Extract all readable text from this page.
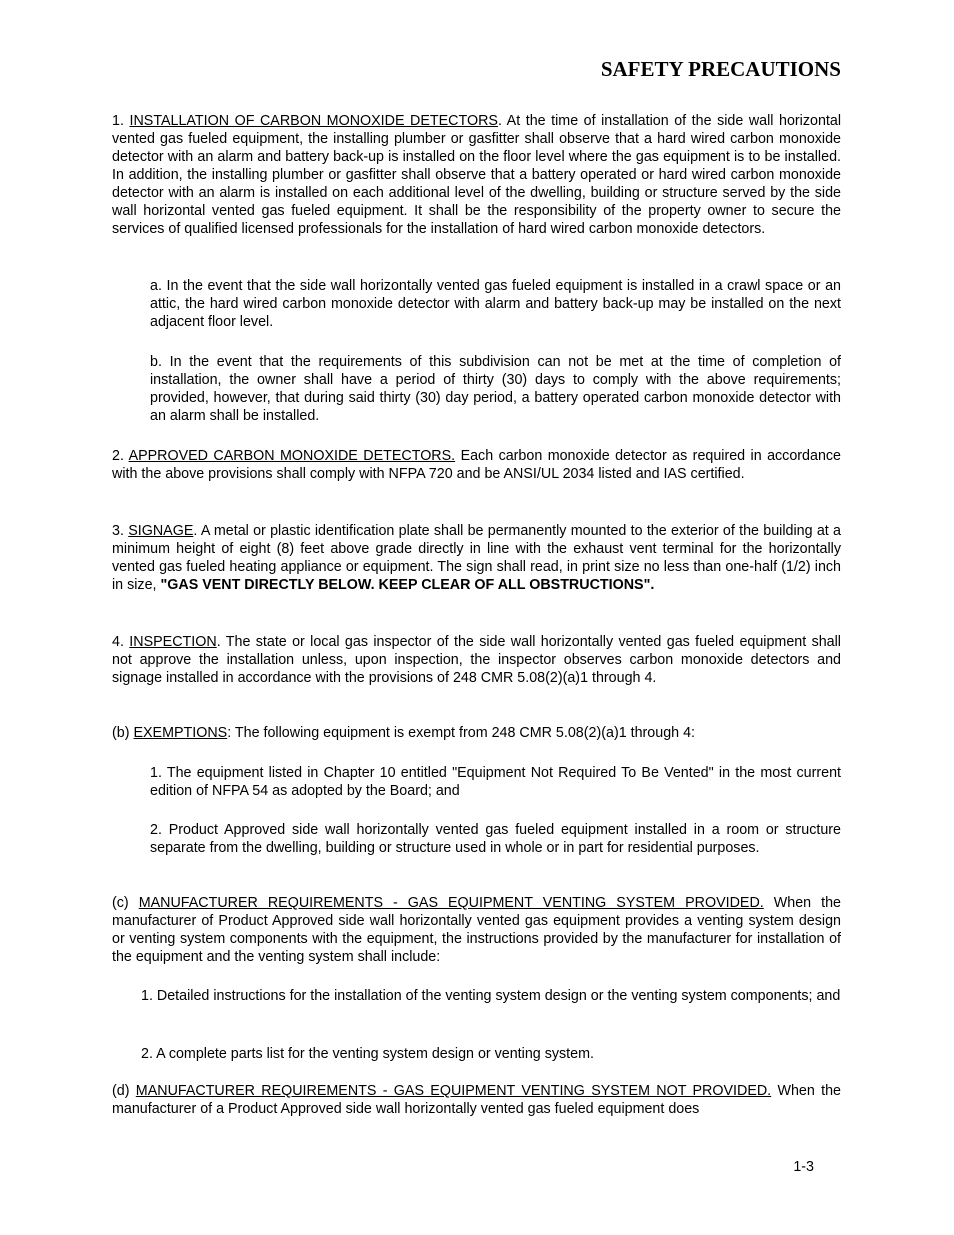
SAFETY PRECAUTIONS

1. INSTALLATION OF CARBON MONOXIDE DETECTORS. At the time of installation of the side wall horizontal vented gas fueled equipment, the installing plumber or gasfitter shall observe that a hard wired carbon monoxide detector with an alarm and battery back-up is installed on the floor level where the gas equipment is to be installed. In addition, the installing plumber or gasfitter shall observe that a battery operated or hard wired carbon monoxide detector with an alarm is installed on each additional level of the dwelling, building or structure served by the side wall horizontal vented gas fueled equipment. It shall be the responsibility of the property owner to secure the services of qualified licensed professionals for the installation of hard wired carbon monoxide detectors.

a. In the event that the side wall horizontally vented gas fueled equipment is installed in a crawl space or an attic, the hard wired carbon monoxide detector with alarm and battery back-up may be installed on the next adjacent floor level.

b. In the event that the requirements of this subdivision can not be met at the time of completion of installation, the owner shall have a period of thirty (30) days to comply with the above requirements; provided, however, that during said thirty (30) day period, a battery operated carbon monoxide detector with an alarm shall be installed.

2. APPROVED CARBON MONOXIDE DETECTORS. Each carbon monoxide detector as required in accordance with the above provisions shall comply with NFPA 720 and be ANSI/UL 2034 listed and IAS certified.

3. SIGNAGE. A metal or plastic identification plate shall be permanently mounted to the exterior of the building at a minimum height of eight (8) feet above grade directly in line with the exhaust vent terminal for the horizontally vented gas fueled heating appliance or equipment. The sign shall read, in print size no less than one-half (1/2) inch in size, "GAS VENT DIRECTLY BELOW. KEEP CLEAR OF ALL OBSTRUCTIONS".

4. INSPECTION. The state or local gas inspector of the side wall horizontally vented gas fueled equipment shall not approve the installation unless, upon inspection, the inspector observes carbon monoxide detectors and signage installed in accordance with the provisions of 248 CMR 5.08(2)(a)1 through 4.

(b) EXEMPTIONS: The following equipment is exempt from 248 CMR 5.08(2)(a)1 through 4:

1. The equipment listed in Chapter 10 entitled "Equipment Not Required To Be Vented" in the most current edition of NFPA 54 as adopted by the Board; and

2. Product Approved side wall horizontally vented gas fueled equipment installed in a room or structure separate from the dwelling, building or structure used in whole or in part for residential purposes.

(c) MANUFACTURER REQUIREMENTS - GAS EQUIPMENT VENTING SYSTEM PROVIDED. When the manufacturer of Product Approved side wall horizontally vented gas equipment provides a venting system design or venting system components with the equipment, the instructions provided by the manufacturer for installation of the equipment and the venting system shall include:

1. Detailed instructions for the installation of the venting system design or the venting system components; and

2. A complete parts list for the venting system design or venting system.

(d) MANUFACTURER REQUIREMENTS - GAS EQUIPMENT VENTING SYSTEM NOT PROVIDED. When the manufacturer of a Product Approved side wall horizontally vented gas fueled equipment does

1-3
